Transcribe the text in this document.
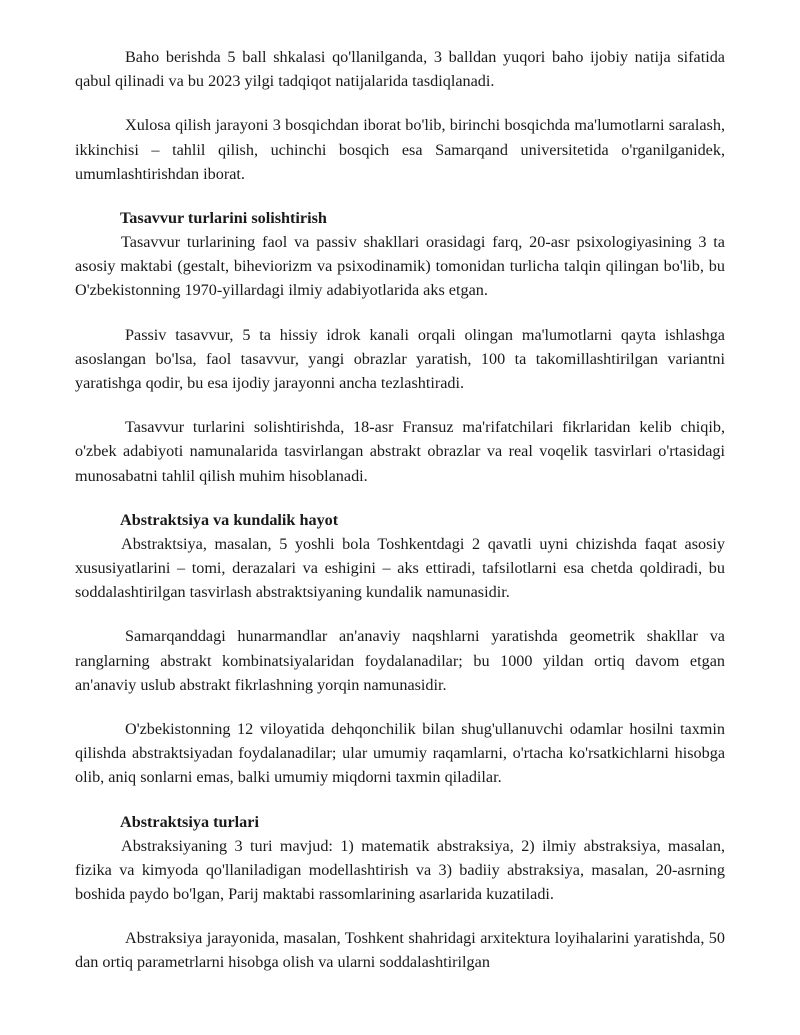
Baho berishda 5 ball shkalasi qo'llanilganda, 3 balldan yuqori baho ijobiy natija sifatida qabul qilinadi va bu 2023 yilgi tadqiqot natijalarida tasdiqlanadi.

Xulosa qilish jarayoni 3 bosqichdan iborat bo'lib, birinchi bosqichda ma'lumotlarni saralash, ikkinchisi – tahlil qilish, uchinchi bosqich esa Samarqand universitetida o'rganilganidek, umumlashtirishdan iborat.

Tasavvur turlarini solishtirish

Tasavvur turlarining faol va passiv shakllari orasidagi farq, 20-asr psixologiyasining 3 ta asosiy maktabi (gestalt, biheviorizm va psixodinamik) tomonidan turlicha talqin qilingan bo'lib, bu O'zbekistonning 1970-yillardagi ilmiy adabiyotlarida aks etgan.

Passiv tasavvur, 5 ta hissiy idrok kanali orqali olingan ma'lumotlarni qayta ishlashga asoslangan bo'lsa, faol tasavvur, yangi obrazlar yaratish, 100 ta takomillashtirilgan variantni yaratishga qodir, bu esa ijodiy jarayonni ancha tezlashtiradi.

Tasavvur turlarini solishtirishda, 18-asr Fransuz ma'rifatchilari fikrlaridan kelib chiqib, o'zbek adabiyoti namunalarida tasvirlangan abstrakt obrazlar va real voqelik tasvirlari o'rtasidagi munosabatni tahlil qilish muhim hisoblanadi.

Abstraktsiya va kundalik hayot

Abstraktsiya, masalan, 5 yoshli bola Toshkentdagi 2 qavatli uyni chizishda faqat asosiy xususiyatlarini – tomi, derazalari va eshigini – aks ettiradi, tafsilotlarni esa chetda qoldiradi, bu soddalashtirilgan tasvirlash abstraktsiyaning kundalik namunasidir.

Samarqanddagi hunarmandlar an'anaviy naqshlarni yaratishda geometrik shakllar va ranglarning abstrakt kombinatsiyalaridan foydalanadilar; bu 1000 yildan ortiq davom etgan an'anaviy uslub abstrakt fikrlashning yorqin namunasidir.

O'zbekistonning 12 viloyatida dehqonchilik bilan shug'ullanuvchi odamlar hosilni taxmin qilishda abstraktsiyadan foydalanadilar; ular umumiy raqamlarni, o'rtacha ko'rsatkichlarni hisobga olib, aniq sonlarni emas, balki umumiy miqdorni taxmin qiladilar.

Abstraktsiya turlari

Abstraksiyaning 3 turi mavjud: 1) matematik abstraksiya, 2) ilmiy abstraksiya, masalan, fizika va kimyoda qo'llaniladigan modellashtirish va 3) badiiy abstraksiya, masalan, 20-asrning boshida paydo bo'lgan, Parij maktabi rassomlarining asarlarida kuzatiladi.

Abstraksiya jarayonida, masalan, Toshkent shahridagi arxitektura loyihalarini yaratishda, 50 dan ortiq parametrlarni hisobga olish va ularni soddalashtirilgan
